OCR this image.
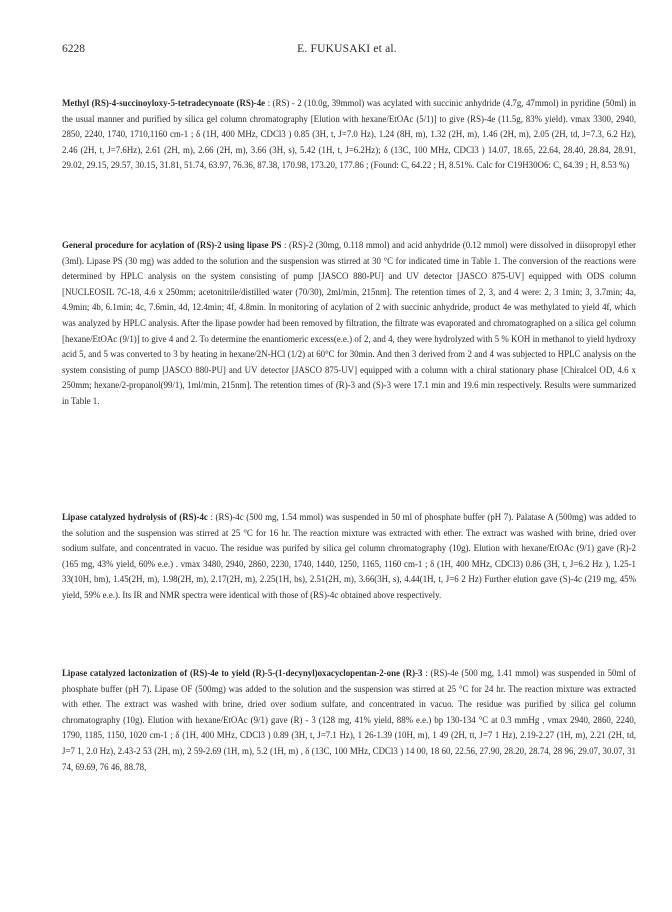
6228	E. FUKUSAKI et al.
Methyl (RS)-4-succinoyloxy-5-tetradecynoate (RS)-4e : (RS) - 2 (10.0g, 39mmol) was acylated with succinic anhydride (4.7g, 47mmol) in pyridine (50ml) in the usual manner and purified by silica gel column chromatography [Elution with hexane/EtOAc (5/1)] to give (RS)-4e (11.5g, 83% yield). vmax 3300, 2940, 2850, 2240, 1740, 1710,1160 cm-1 ; δ (1H, 400 MHz, CDCl3 ) 0.85 (3H, t, J=7.0 Hz), 1.24 (8H, m), 1.32 (2H, m), 1.46 (2H, m), 2.05 (2H, td, J=7.3, 6.2 Hz), 2.46 (2H, t, J=7.6Hz), 2.61 (2H, m), 2.66 (2H, m), 3.66 (3H, s), 5.42 (1H, t, J=6.2Hz); δ (13C, 100 MHz, CDCl3 ) 14.07, 18.65, 22.64, 28.40, 28.84, 28.91, 29.02, 29.15, 29.57, 30.15, 31.81, 51.74, 63.97, 76.36, 87.38, 170.98, 173.20, 177.86 ; (Found: C, 64.22 ; H, 8.51%. Calc for C19H30O6: C, 64.39 ; H, 8.53 %)
General procedure for acylation of (RS)-2 using lipase PS : (RS)-2 (30mg, 0.118 mmol) and acid anhydride (0.12 mmol) were dissolved in diisopropyl ether (3ml). Lipase PS (30 mg) was added to the solution and the suspension was stirred at 30 °C for indicated time in Table 1. The conversion of the reactions were determined by HPLC analysis on the system consisting of pump [JASCO 880-PU] and UV detector [JASCO 875-UV] equipped with ODS column [NUCLEOSIL 7C-18, 4.6 x 250mm; acetonitrile/distilled water (70/30), 2ml/min, 215nm]. The retention times of 2, 3, and 4 were: 2, 3 1min; 3, 3.7min; 4a, 4.9min; 4b, 6.1min; 4c, 7.6min, 4d, 12.4min; 4f, 4.8min. In monitoring of acylation of 2 with succinic anhydride, product 4e was methylated to yield 4f, which was analyzed by HPLC analysis. After the lipase powder had been removed by filtration, the filtrate was evaporated and chromatographed on a silica gel column [hexane/EtOAc (9/1)] to give 4 and 2. To determine the enantiomeric excess(e.e.) of 2, and 4, they were hydrolyzed with 5 % KOH in methanol to yield hydroxy acid 5, and 5 was converted to 3 by heating in hexane/2N-HCl (1/2) at 60°C for 30min. And then 3 derived from 2 and 4 was subjected to HPLC analysis on the system consisting of pump [JASCO 880-PU] and UV detector [JASCO 875-UV] equipped with a column with a chiral stationary phase [Chiralcel OD, 4.6 x 250mm; hexane/2-propanol(99/1), 1ml/min, 215nm]. The retention times of (R)-3 and (S)-3 were 17.1 min and 19.6 min respectively. Results were summarized in Table 1.
Lipase catalyzed hydrolysis of (RS)-4c : (RS)-4c (500 mg, 1.54 mmol) was suspended in 50 ml of phosphate buffer (pH 7). Palatase A (500mg) was added to the solution and the suspension was stirred at 25 °C for 16 hr. The reaction mixture was extracted with ether. The extract was washed with brine, dried over sodium sulfate, and concentrated in vacuo. The residue was purifed by silica gel column chromatography (10g). Elution with hexane/EtOAc (9/1) gave (R)-2 (165 mg, 43% yield, 60% e.e.) . vmax 3480, 2940, 2860, 2230, 1740, 1440, 1250, 1165, 1160 cm-1 ; δ (1H, 400 MHz, CDCl3) 0.86 (3H, t, J=6.2 Hz ), 1.25-1 33(10H, bm), 1.45(2H, m), 1.98(2H, m), 2.17(2H, m), 2.25(1H, bs), 2.51(2H, m), 3.66(3H, s), 4.44(1H, t, J=6 2 Hz) Further elution gave (S)-4c (219 mg, 45% yield, 59% e.e.). Its IR and NMR spectra were identical with those of (RS)-4c obtained above respectively.
Lipase catalyzed lactonization of (RS)-4e to yield (R)-5-(1-decynyl)oxacyclopentan-2-one (R)-3 : (RS)-4e (500 mg, 1.41 mmol) was suspended in 50ml of phosphate buffer (pH 7). Lipase OF (500mg) was added to the solution and the suspension was stirred at 25 °C for 24 hr. The reaction mixture was extracted with ether. The extract was washed with brine, dried over sodium sulfate, and concentrated in vacuo. The residue was purified by silica gel column chromatography (10g). Elution with hexane/EtOAc (9/1) gave (R) - 3 (128 mg, 41% yield, 88% e.e.) bp 130-134 °C at 0.3 mmHg , vmax 2940, 2860, 2240, 1790, 1185, 1150, 1020 cm-1 ; δ (1H, 400 MHz, CDCl3 ) 0.89 (3H, t, J=7.1 Hz), 1 26-1.39 (10H, m), 1 49 (2H, tt, J=7 1 Hz), 2.19-2.27 (1H, m), 2.21 (2H, td, J=7 1, 2.0 Hz), 2.43-2 53 (2H, m), 2 59-2.69 (1H, m), 5.2 (1H, m) , δ (13C, 100 MHz, CDCl3 ) 14 00, 18 60, 22.56, 27.90, 28.20, 28.74, 28 96, 29.07, 30.07, 31 74, 69.69, 76 46, 88.78,
